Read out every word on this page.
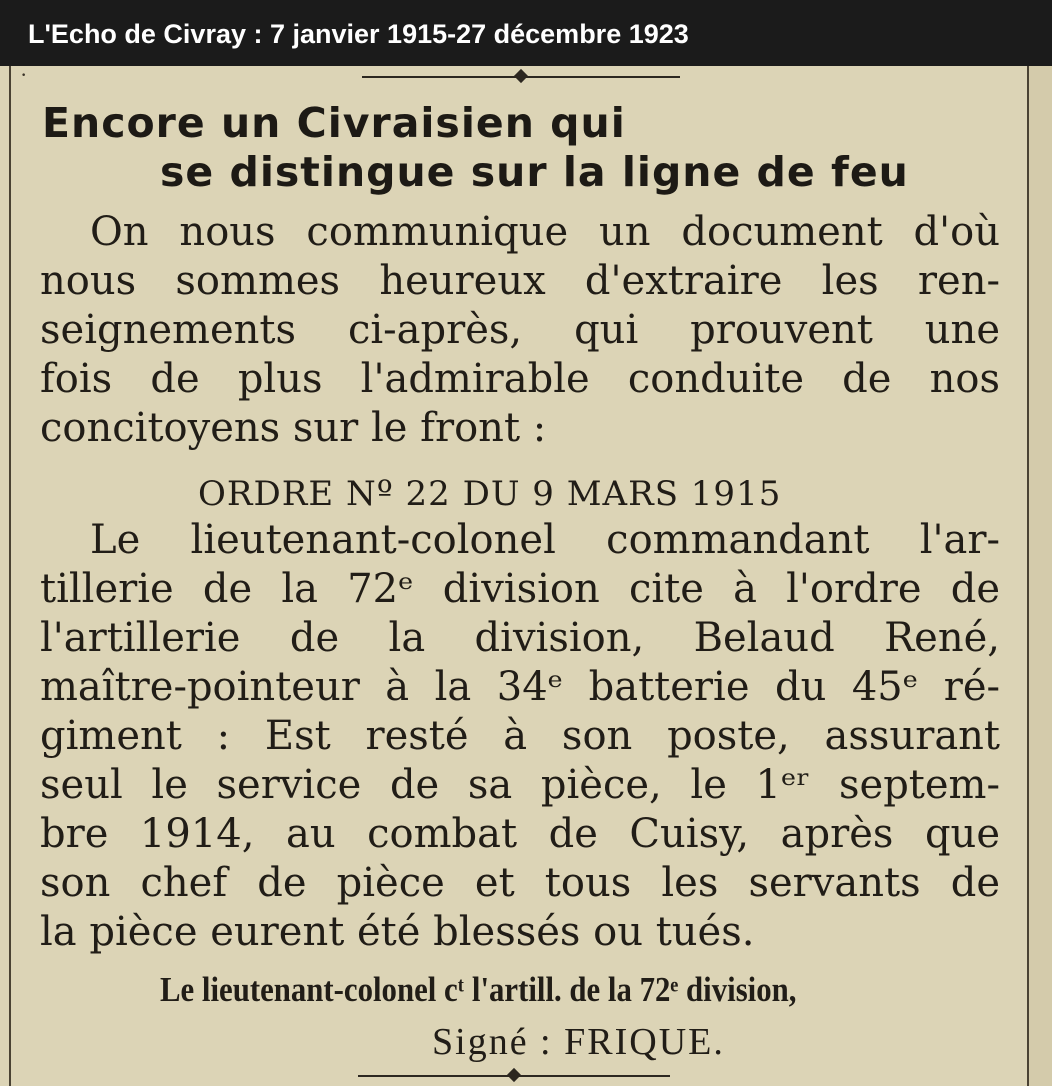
L'Echo de Civray : 7 janvier 1915-27 décembre 1923
·
Encore un Civraisien qui
se distingue sur la ligne de feu
On nous communique un document d'où
nous sommes heureux d'extraire les ren-
seignements ci-après, qui prouvent une
fois de plus l'admirable conduite de nos
concitoyens sur le front :
ORDRE Nº 22 DU 9 MARS 1915
Le lieutenant-colonel commandant l'ar-
tillerie de la 72ᵉ division cite à l'ordre de
l'artillerie de la division, Belaud René,
maître-pointeur à la 34ᵉ batterie du 45ᵉ ré-
giment : Est resté à son poste, assurant
seul le service de sa pièce, le 1ᵉʳ septem-
bre 1914, au combat de Cuisy, après que
son chef de pièce et tous les servants de
la pièce eurent été blessés ou tués.
Le lieutenant-colonel cᵗ l'artill. de la 72ᵉ division,
Signé : FRIQUE.
